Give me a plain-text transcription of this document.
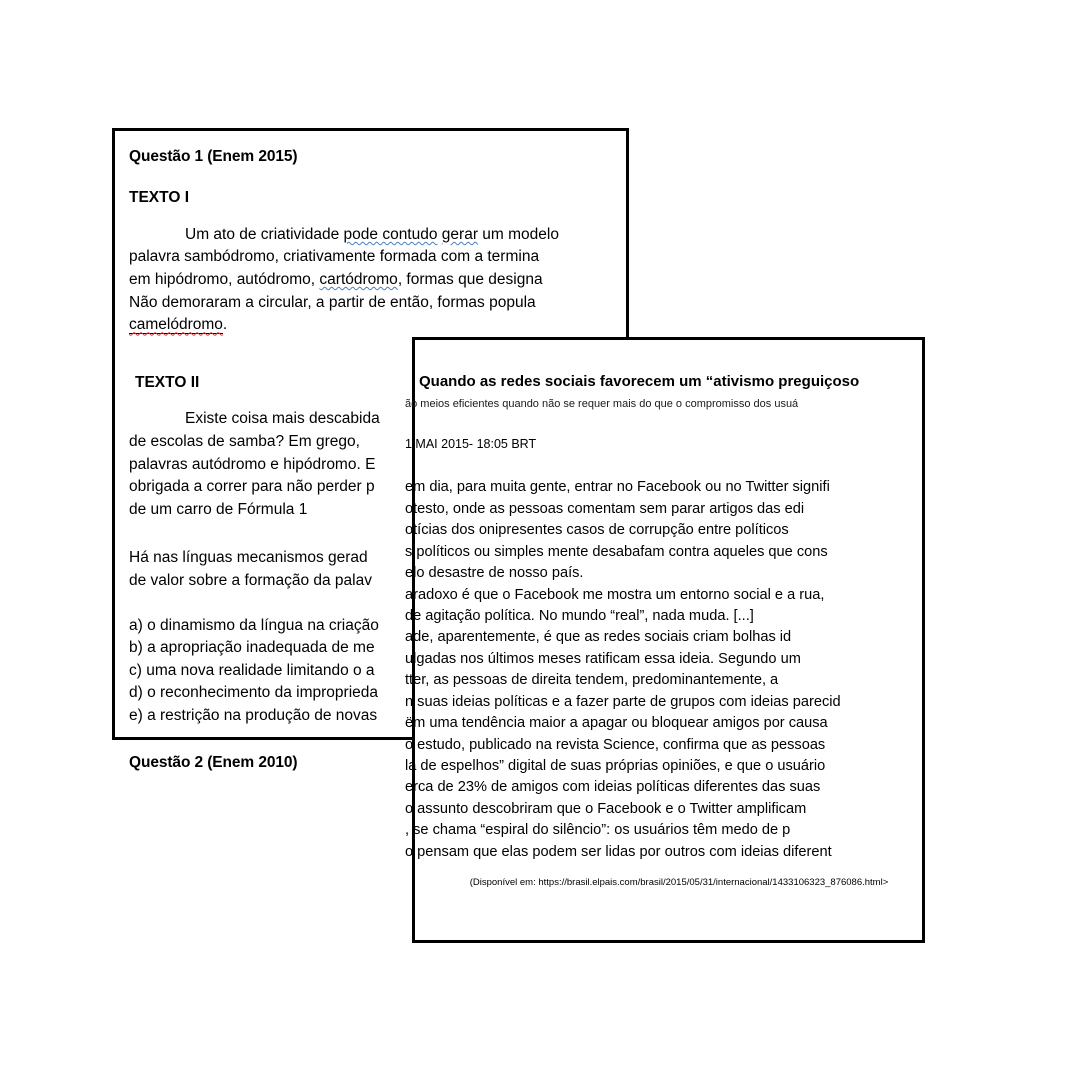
Questão 1 (Enem 2015)
TEXTO I

Um ato de criatividade pode contudo gerar um modelo
palavra sambódromo, criativamente formada com a termina
em hipódromo, autódromo, cartódromo, formas que designa
Não demoraram a circular, a partir de então, formas popula
camelódromo.

TEXTO II

Existe coisa mais descabida
de escolas de samba? Em grego,
palavras autódromo e hipódromo. E
obrigada a correr para não perder p
de um carro de Fórmula 1

Há nas línguas mecanismos gerad
de valor sobre a formação da palav

a) o dinamismo da língua na criação
b) a apropriação inadequada de me
c) uma nova realidade limitando o a
d) o reconhecimento da improprieda
e) a restrição na produção de novas
Questão 2 (Enem 2010)
Quando as redes sociais favorecem um “ativismo preguiçoso
ão meios eficientes quando não se requer mais do que o compromisso dos usuá
1 MAI 2015- 18:05 BRT

em dia, para muita gente, entrar no Facebook ou no Twitter signifi

otesto, onde as pessoas comentam sem parar artigos das edi

otícias dos onipresentes casos de corrupção entre políticos

s políticos ou simples mente desabafam contra aqueles que cons

elo desastre de nosso país.

aradoxo é que o Facebook me mostra um entorno social e a rua,

de agitação política. No mundo “real”, nada muda. [...]

ade, aparentemente, é que as redes sociais criam bolhas id

ulgadas nos últimos meses ratificam essa ideia. Segundo um

tter, as pessoas de direita tendem, predominantemente, a

n suas ideias políticas e a fazer parte de grupos com ideias parecid

ëm uma tendência maior a apagar ou bloquear amigos por causa

o estudo, publicado na revista Science, confirma que as pessoas

la de espelhos” digital de suas próprias opiniões, e que o usuário

erca de 23% de amigos com ideias políticas diferentes das suas

o assunto descobriram que o Facebook e o Twitter amplificam

, se chama “espiral do silêncio”: os usuários têm medo de p

o pensam que elas podem ser lidas por outros com ideias diferent

(Disponível em: https://brasil.elpais.com/brasil/2015/05/31/internacional/1433106323_876086.html>
